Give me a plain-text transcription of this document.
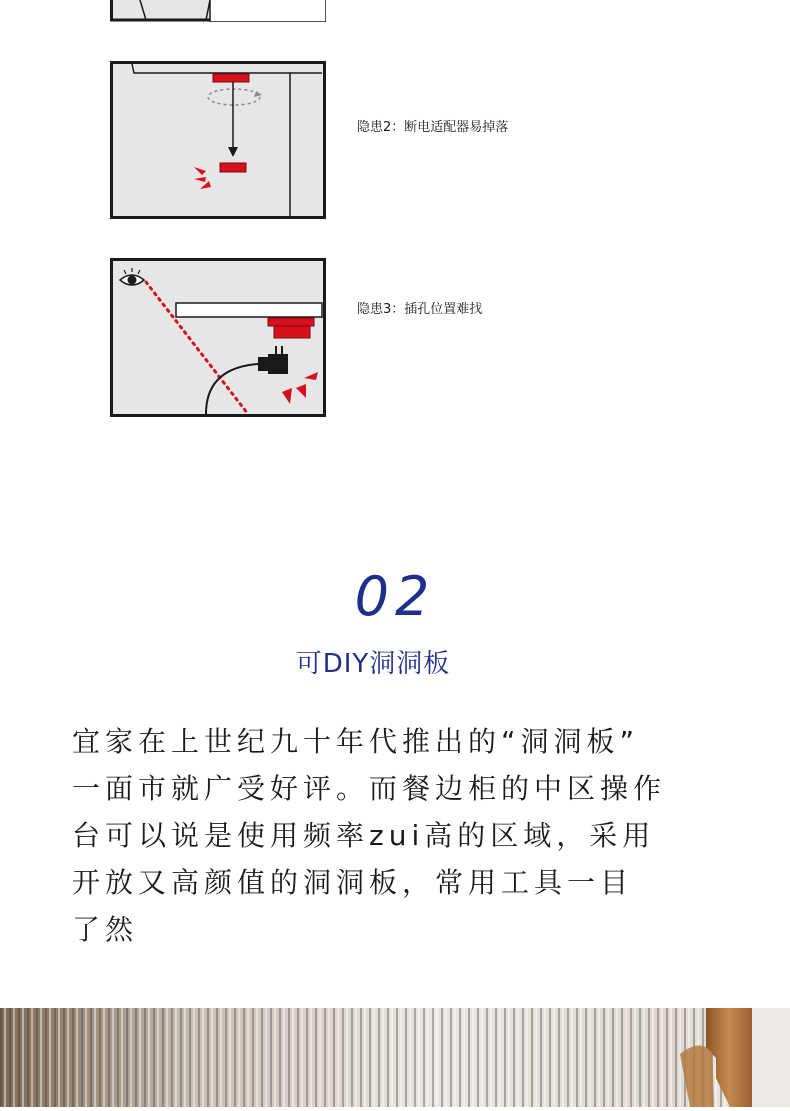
隐患2：断电适配器易掉落
隐患3：插孔位置难找
02
可DIY洞洞板

宜家在上世纪九十年代推出的“洞洞板”
一面市就广受好评。而餐边柜的中区操作
台可以说是使用频率zui高的区域，采用
开放又高颜值的洞洞板，常用工具一目
了然
